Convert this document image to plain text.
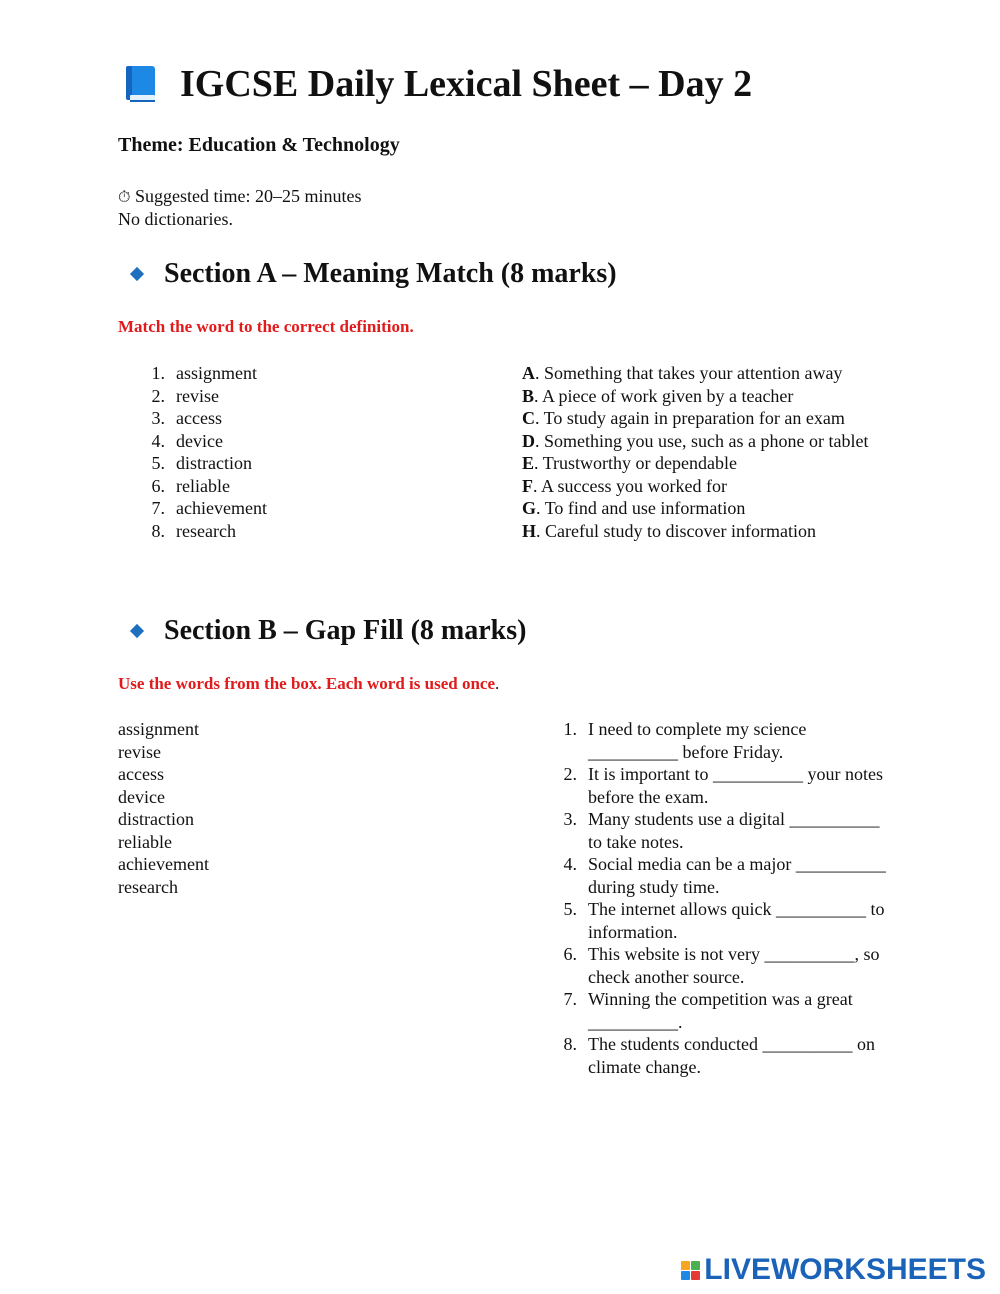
IGCSE Daily Lexical Sheet – Day 2
Theme: Education & Technology
⏱ Suggested time: 20–25 minutes
No dictionaries.
Section A – Meaning Match (8 marks)
Match the word to the correct definition.
1. assignment
2. revise
3. access
4. device
5. distraction
6. reliable
7. achievement
8. research
A. Something that takes your attention away
B. A piece of work given by a teacher
C. To study again in preparation for an exam
D. Something you use, such as a phone or tablet
E. Trustworthy or dependable
F. A success you worked for
G. To find and use information
H. Careful study to discover information
Section B – Gap Fill (8 marks)
Use the words from the box. Each word is used once.
assignment
revise
access
device
distraction
reliable
achievement
research
1. I need to complete my science __________ before Friday.
2. It is important to __________ your notes before the exam.
3. Many students use a digital __________ to take notes.
4. Social media can be a major __________ during study time.
5. The internet allows quick __________ to information.
6. This website is not very __________, so check another source.
7. Winning the competition was a great __________.
8. The students conducted __________ on climate change.
LIVEWORKSHEETS
